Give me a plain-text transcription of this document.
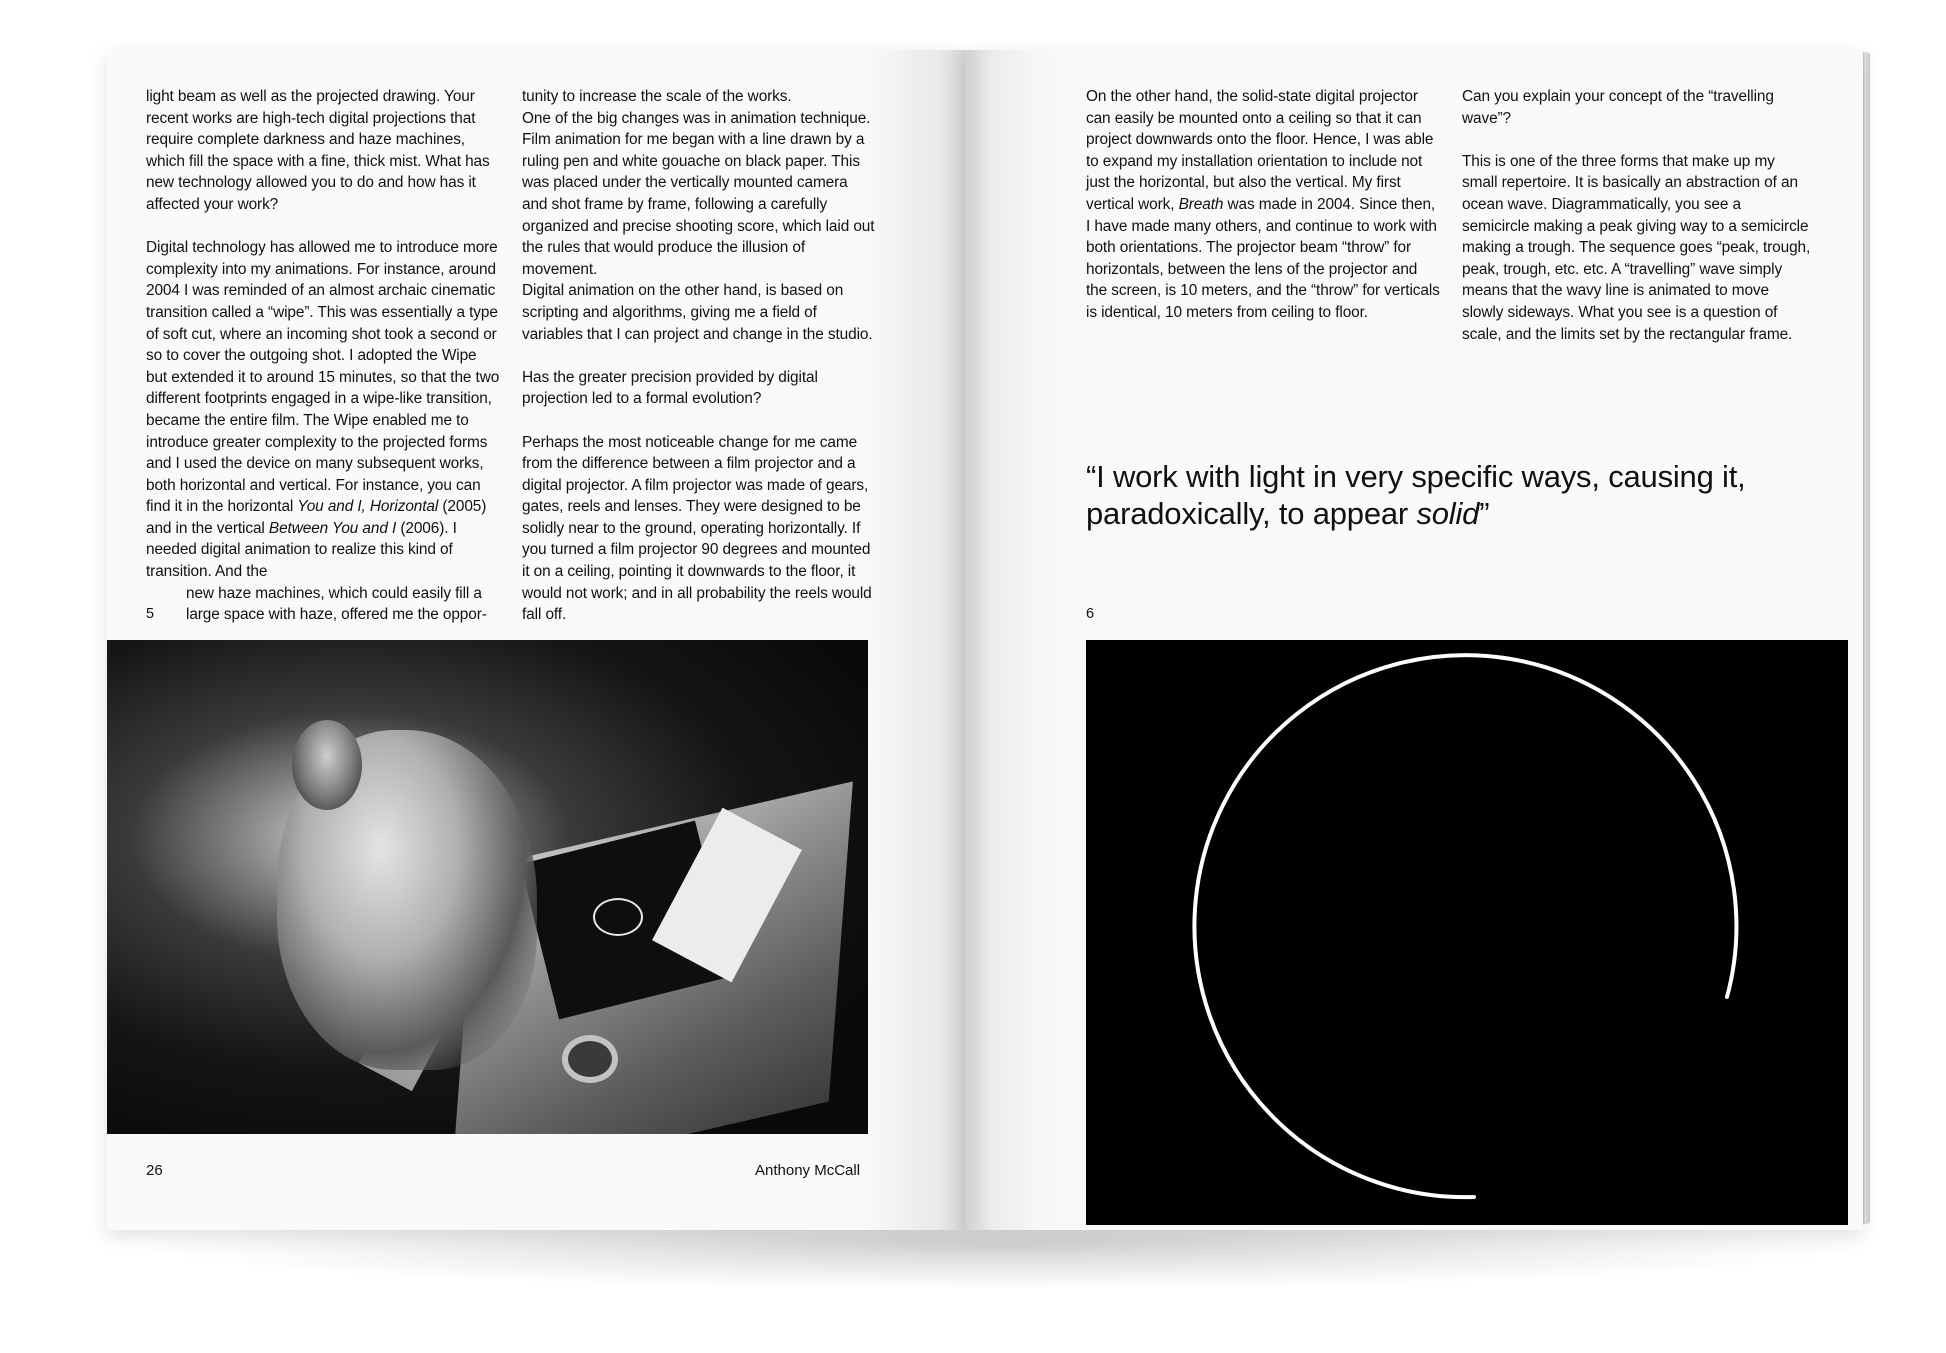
light beam as well as the projected drawing. Your recent works are high-tech digital projections that require complete darkness and haze machines, which fill the space with a fine, thick mist. What has new technology allowed you to do and how has it affected your work?

Digital technology has allowed me to introduce more complexity into my animations. For instance, around 2004 I was reminded of an almost archaic cinematic transition called a “wipe”. This was essentially a type of soft cut, where an incoming shot took a second or so to cover the outgoing shot. I adopted the Wipe but extended it to around 15 minutes, so that the two different footprints engaged in a wipe-like transition, became the entire film. The Wipe enabled me to introduce greater complexity to the projected forms and I used the device on many subsequent works, both horizontal and vertical. For instance, you can find it in the horizontal You and I, Horizontal (2005) and in the vertical Between You and I (2006). I needed digital animation to realize this kind of transition. And the

new haze machines, which could easily fill a
large space with haze, offered me the oppor-
5

tunity to increase the scale of the works.

One of the big changes was in animation technique. Film animation for me began with a line drawn by a ruling pen and white gouache on black paper. This was placed under the vertically mounted camera and shot frame by frame, following a carefully organized and precise shooting score, which laid out the rules that would produce the illusion of movement.

Digital animation on the other hand, is based on scripting and algorithms, giving me a field of variables that I can project and change in the studio.

Has the greater precision provided by digital projection led to a formal evolution?

Perhaps the most noticeable change for me came from the difference between a film projector and a digital projector. A film projector was made of gears, gates, reels and lenses. They were designed to be solidly near to the ground, operating horizontally. If you turned a film projector 90 degrees and mounted it on a ceiling, pointing it downwards to the floor, it would not work; and in all probability the reels would fall off.

26	Anthony McCall

On the other hand, the solid-state digital projector can easily be mounted onto a ceiling so that it can project downwards onto the floor. Hence, I was able to expand my installation orientation to include not just the horizontal, but also the vertical. My first vertical work, Breath was made in 2004. Since then, I have made many others, and continue to work with both orientations. The projector beam “throw” for horizontals, between the lens of the projector and the screen, is 10 meters, and the “throw” for verticals is identical, 10 meters from ceiling to floor.

Can you explain your concept of the “travelling wave”?

This is one of the three forms that make up my small repertoire. It is basically an abstraction of an ocean wave. Diagrammatically, you see a semicircle making a peak giving way to a semicircle making a trough. The sequence goes “peak, trough, peak, trough, etc. etc. A “travelling” wave simply means that the wavy line is animated to move slowly sideways. What you see is a question of scale, and the limits set by the rectangular frame.

“I work with light in very specific ways, causing it, paradoxically, to appear solid”
6
